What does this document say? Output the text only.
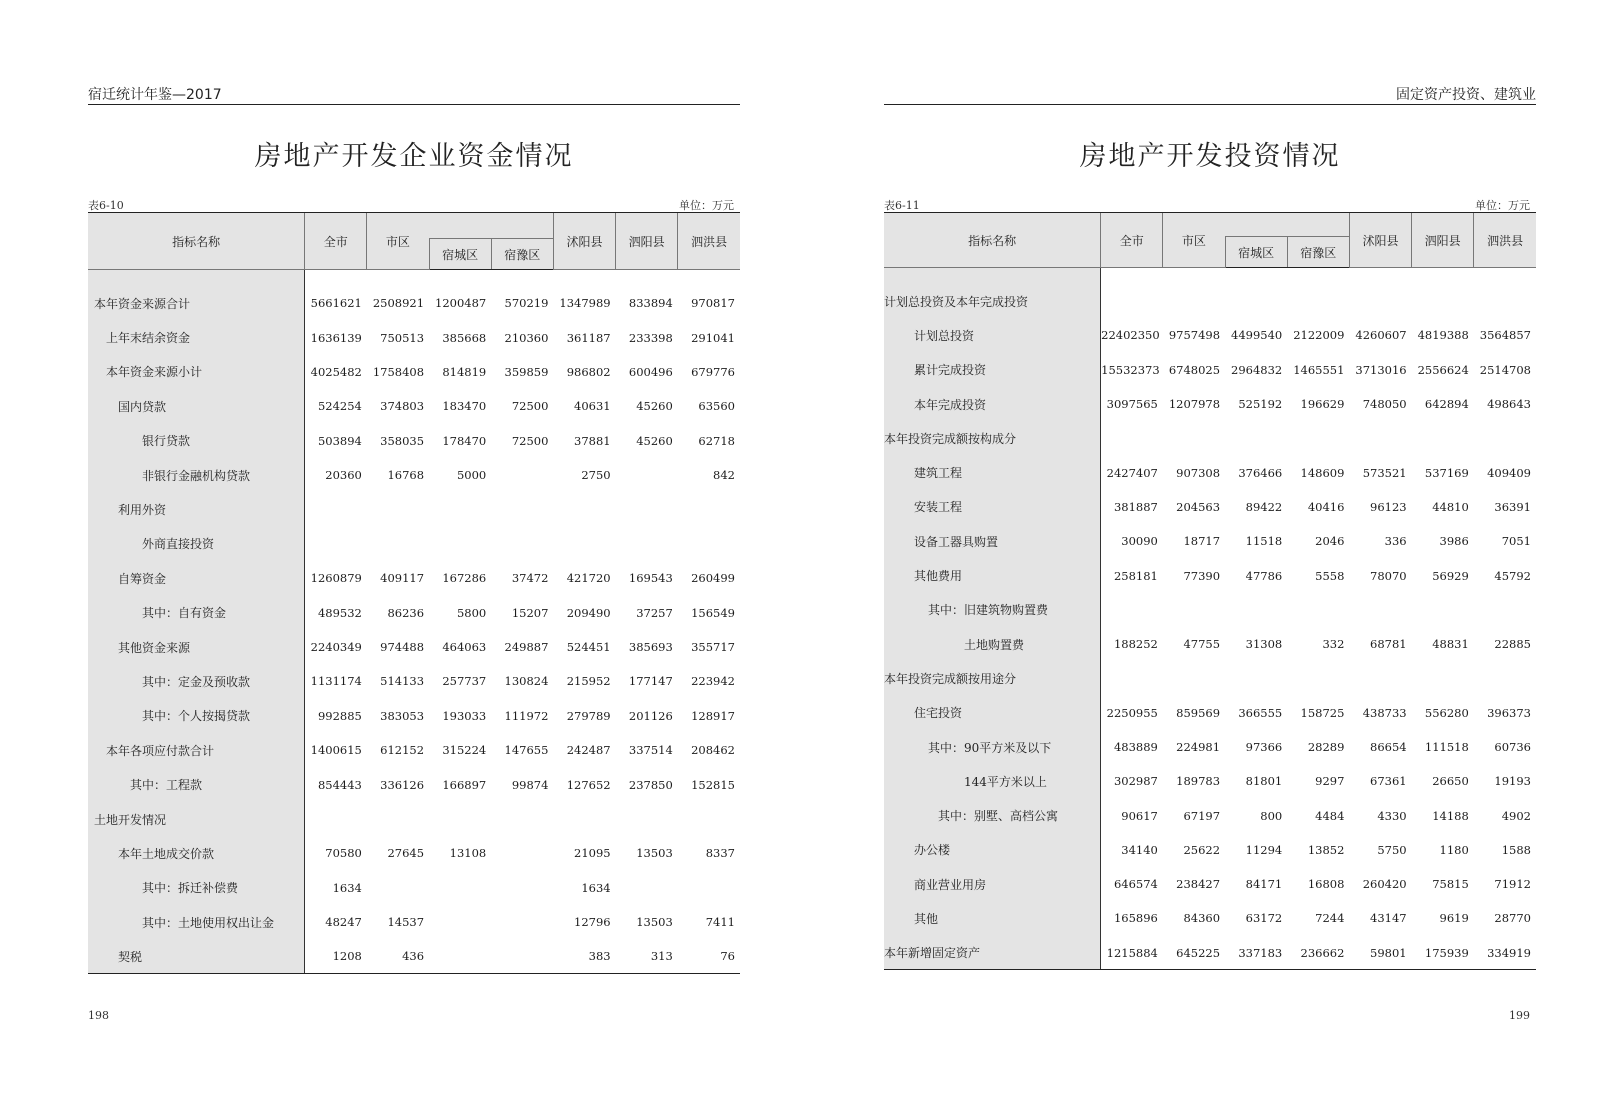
宿迁统计年鉴—2017
房地产开发企业资金情况
表6-10	单位：万元
指标名称	全市	市区			沭阳县	泗阳县	泗洪县
			宿城区	宿豫区			

本年资金来源合计	5661621	2508921	1200487	570219	1347989	833894	970817
上年末结余资金	1636139	750513	385668	210360	361187	233398	291041
本年资金来源小计	4025482	1758408	814819	359859	986802	600496	679776
国内贷款	524254	374803	183470	72500	40631	45260	63560
银行贷款	503894	358035	178470	72500	37881	45260	62718
非银行金融机构贷款	20360	16768	5000		2750		842
利用外资							
外商直接投资							
自筹资金	1260879	409117	167286	37472	421720	169543	260499
其中：自有资金	489532	86236	5800	15207	209490	37257	156549
其他资金来源	2240349	974488	464063	249887	524451	385693	355717
其中：定金及预收款	1131174	514133	257737	130824	215952	177147	223942
其中：个人按揭贷款	992885	383053	193033	111972	279789	201126	128917
本年各项应付款合计	1400615	612152	315224	147655	242487	337514	208462
其中：工程款	854443	336126	166897	99874	127652	237850	152815
土地开发情况							
本年土地成交价款	70580	27645	13108		21095	13503	8337
其中：拆迁补偿费	1634				1634		
其中：土地使用权出让金	48247	14537			12796	13503	7411
契税	1208	436			383	313	76
198
固定资产投资、建筑业
房地产开发投资情况
表6-11	单位：万元
指标名称	全市	市区			沭阳县	泗阳县	泗洪县
			宿城区	宿豫区			

计划总投资及本年完成投资							
计划总投资	22402350	9757498	4499540	2122009	4260607	4819388	3564857
累计完成投资	15532373	6748025	2964832	1465551	3713016	2556624	2514708
本年完成投资	3097565	1207978	525192	196629	748050	642894	498643
本年投资完成额按构成分							
建筑工程	2427407	907308	376466	148609	573521	537169	409409
安装工程	381887	204563	89422	40416	96123	44810	36391
设备工器具购置	30090	18717	11518	2046	336	3986	7051
其他费用	258181	77390	47786	5558	78070	56929	45792
其中：旧建筑物购置费							
土地购置费	188252	47755	31308	332	68781	48831	22885
本年投资完成额按用途分							
住宅投资	2250955	859569	366555	158725	438733	556280	396373
其中：90平方米及以下	483889	224981	97366	28289	86654	111518	60736
144平方米以上	302987	189783	81801	9297	67361	26650	19193
其中：别墅、高档公寓	90617	67197	800	4484	4330	14188	4902
办公楼	34140	25622	11294	13852	5750	1180	1588
商业营业用房	646574	238427	84171	16808	260420	75815	71912
其他	165896	84360	63172	7244	43147	9619	28770
本年新增固定资产	1215884	645225	337183	236662	59801	175939	334919
199
